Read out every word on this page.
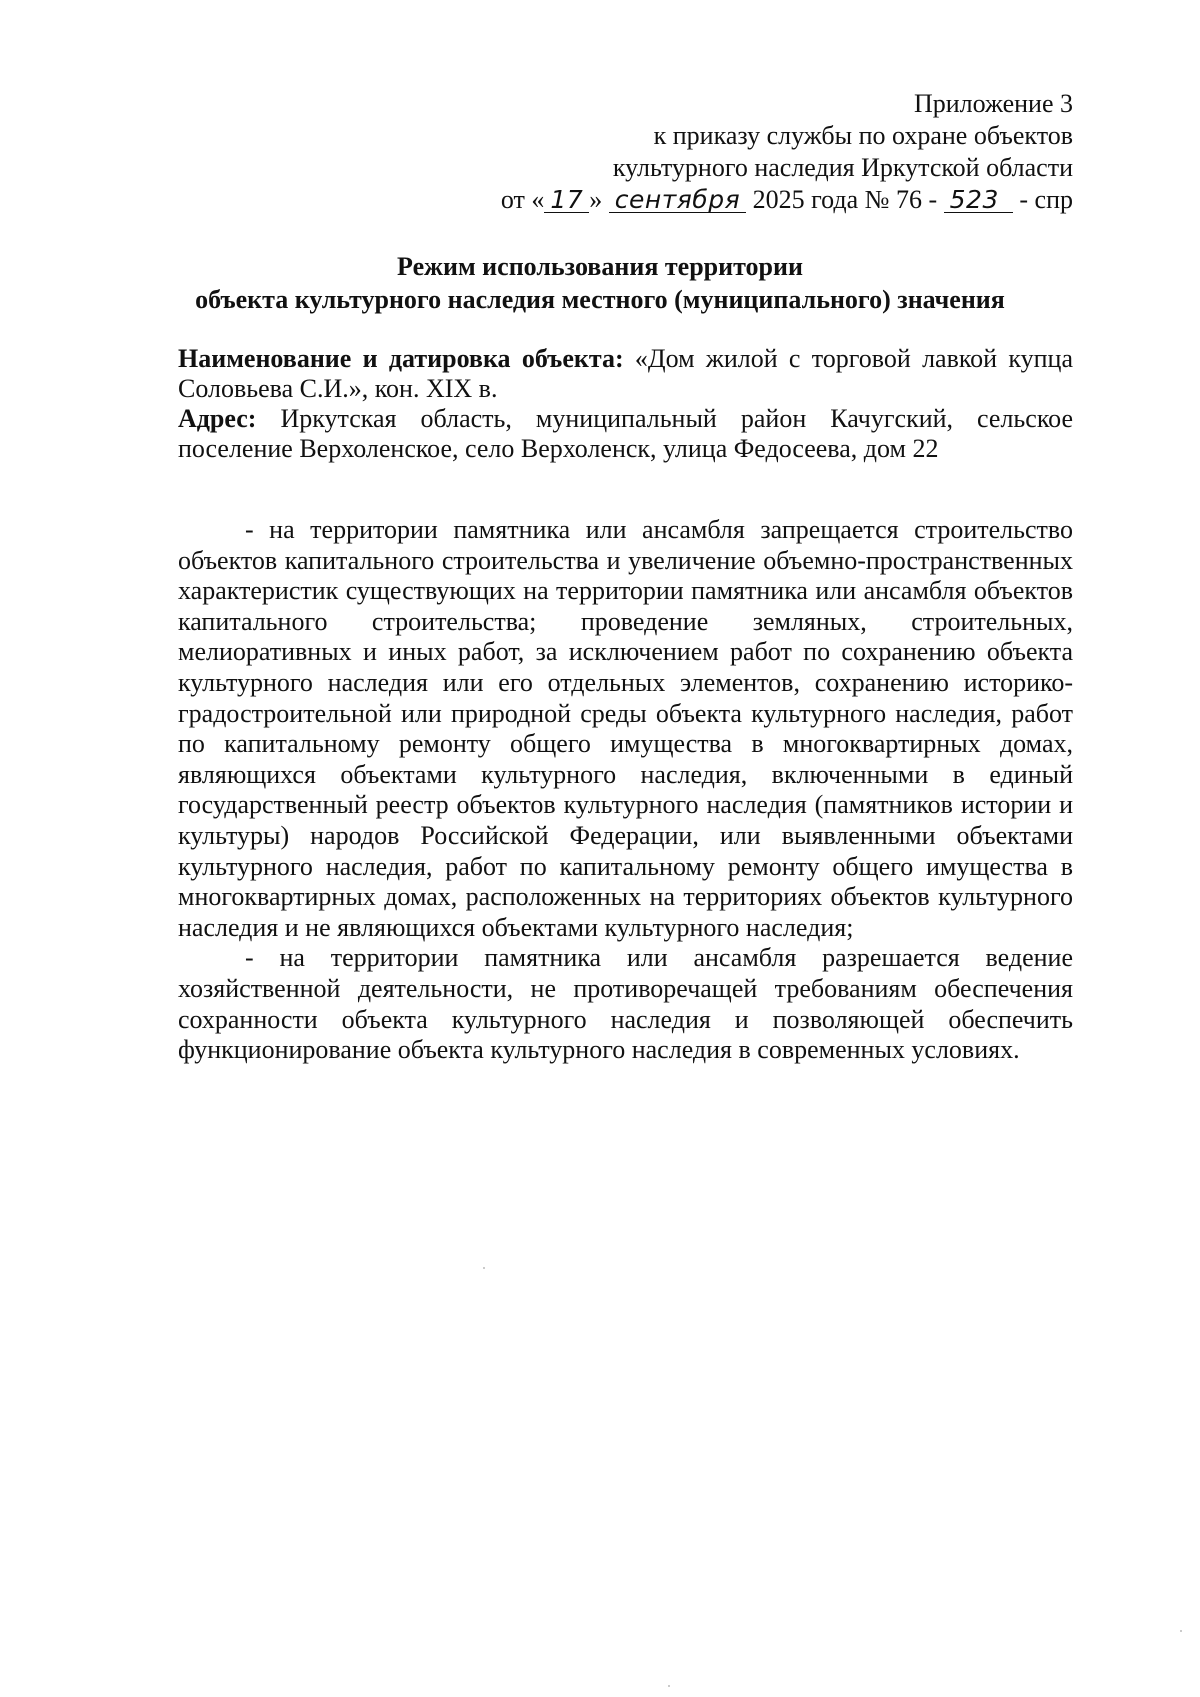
Приложение 3
к приказу службы по охране объектов
культурного наследия Иркутской области
от « 17 » сентября 2025 года № 76 - 523 - спр
Режим использования территории
объекта культурного наследия местного (муниципального) значения

Наименование и датировка объекта: «Дом жилой с торговой лавкой купца Соловьева С.И.», кон. XIX в.

Адрес: Иркутская область, муниципальный район Качугский, сельское поселение Верхоленское, село Верхоленск, улица Федосеева, дом 22

- на территории памятника или ансамбля запрещается строительство объектов капитального строительства и увеличение объемно-пространственных характеристик существующих на территории памятника или ансамбля объектов капитального строительства; проведение земляных, строительных, мелиоративных и иных работ, за исключением работ по сохранению объекта культурного наследия или его отдельных элементов, сохранению историко-градостроительной или природной среды объекта культурного наследия, работ по капитальному ремонту общего имущества в многоквартирных домах, являющихся объектами культурного наследия, включенными в единый государственный реестр объектов культурного наследия (памятников истории и культуры) народов Российской Федерации, или выявленными объектами культурного наследия, работ по капитальному ремонту общего имущества в многоквартирных домах, расположенных на территориях объектов культурного наследия и не являющихся объектами культурного наследия;

- на территории памятника или ансамбля разрешается ведение хозяйственной деятельности, не противоречащей требованиям обеспечения сохранности объекта культурного наследия и позволяющей обеспечить функционирование объекта культурного наследия в современных условиях.
